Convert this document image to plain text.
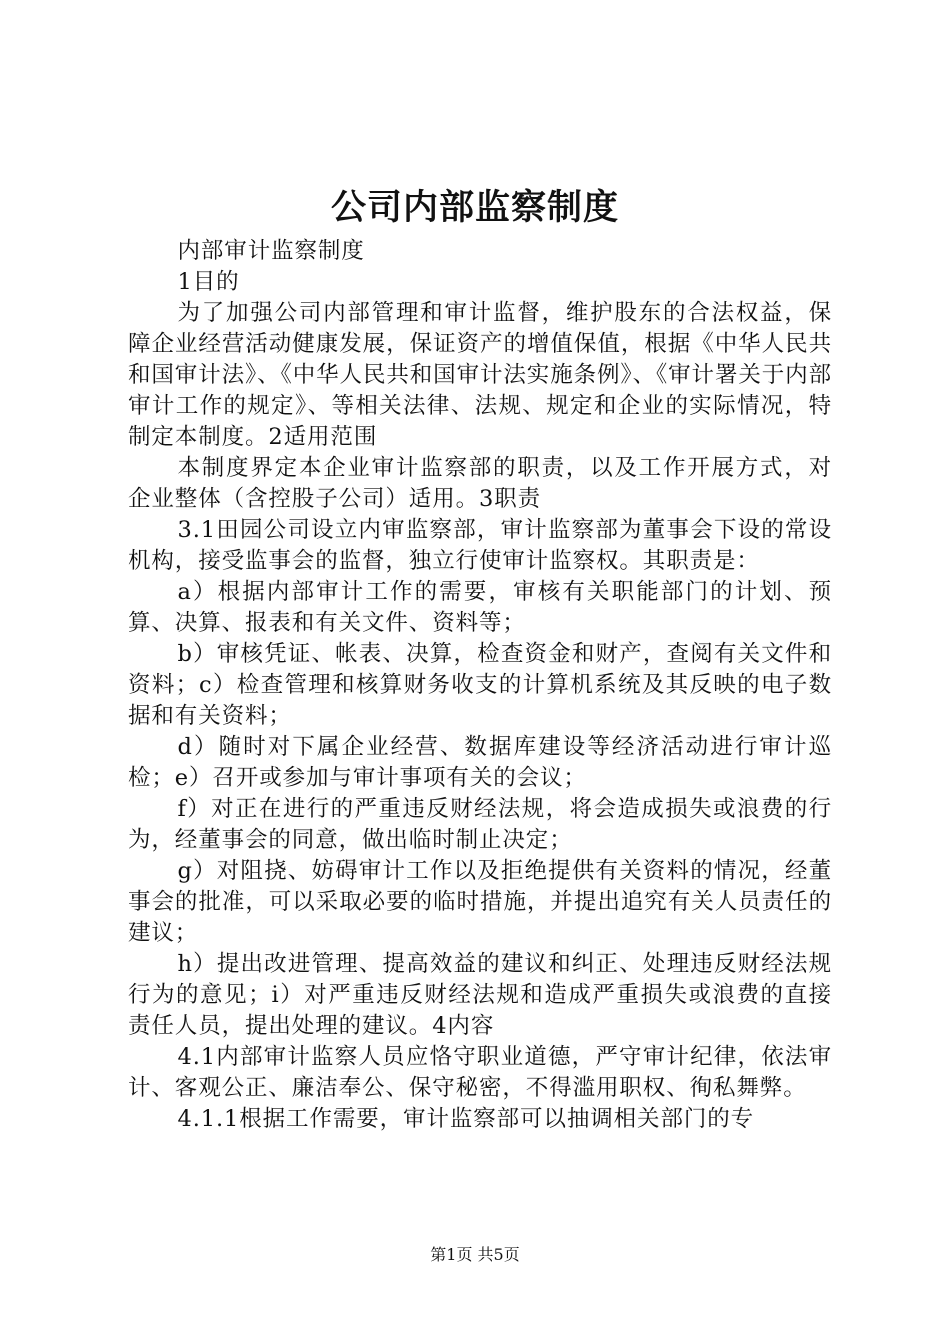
公司内部监察制度

内部审计监察制度

1目的

为了加强公司内部管理和审计监督，维护股东的合法权益，保障企业经营活动健康发展，保证资产的增值保值，根据《中华人民共和国审计法》、《中华人民共和国审计法实施条例》、《审计署关于内部审计工作的规定》、等相关法律、法规、规定和企业的实际情况，特制定本制度。2适用范围

本制度界定本企业审计监察部的职责，以及工作开展方式，对企业整体（含控股子公司）适用。3职责

3.1田园公司设立内审监察部，审计监察部为董事会下设的常设机构，接受监事会的监督，独立行使审计监察权。其职责是：

a）根据内部审计工作的需要，审核有关职能部门的计划、预算、决算、报表和有关文件、资料等；

b）审核凭证、帐表、决算，检查资金和财产，查阅有关文件和资料；c）检查管理和核算财务收支的计算机系统及其反映的电子数据和有关资料；

d）随时对下属企业经营、数据库建设等经济活动进行审计巡检；e）召开或参加与审计事项有关的会议；

f）对正在进行的严重违反财经法规，将会造成损失或浪费的行为，经董事会的同意，做出临时制止决定；

g）对阻挠、妨碍审计工作以及拒绝提供有关资料的情况，经董事会的批准，可以采取必要的临时措施，并提出追究有关人员责任的建议；

h）提出改进管理、提高效益的建议和纠正、处理违反财经法规行为的意见；i）对严重违反财经法规和造成严重损失或浪费的直接责任人员，提出处理的建议。4内容

4.1内部审计监察人员应恪守职业道德，严守审计纪律，依法审计、客观公正、廉洁奉公、保守秘密，不得滥用职权、徇私舞弊。

4.1.1根据工作需要，审计监察部可以抽调相关部门的专

第1页 共5页
